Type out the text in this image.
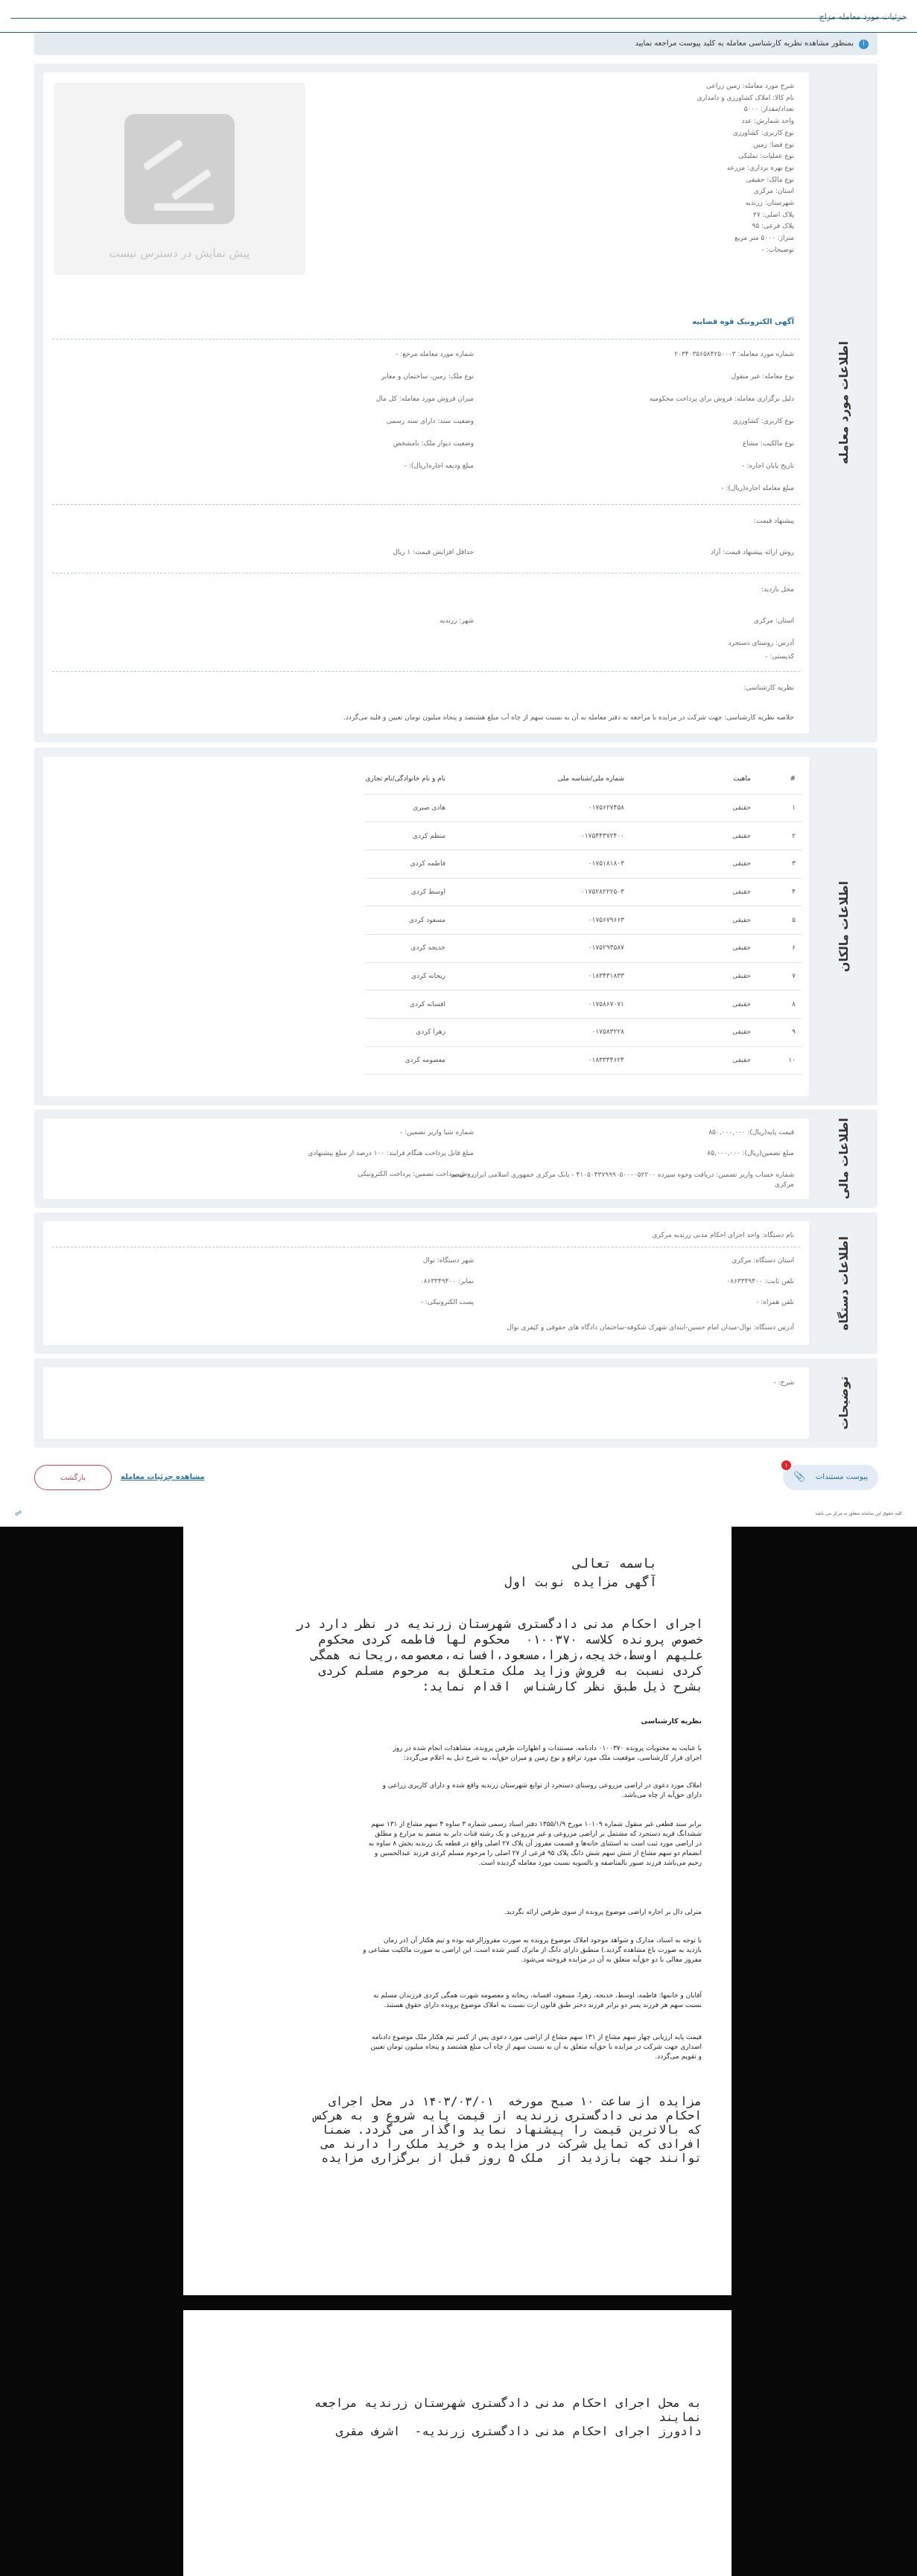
جزئیات مورد معامله مزاج
i
بمنظور مشاهده نظریه کارشناسی معامله به کلید پیوست مراجعه نمایید
اطلاعات مورد معامله
پیش نمایش در دسترس نیست
شرح مورد معامله: زمین زراعی
نام کالا: املاک کشاورزی و دامداری
تعداد/مقدار: ۵۰۰۰
واحد شمارش: عدد
نوع کاربری: کشاورزی
نوع فضا: زمین
نوع عملیات: تملیکی
نوع بهره برداری: مزرعه
نوع مالک: حقیقی
استان: مرکزی
شهرستان: زرندیه
پلاک اصلی: ۲۷
پلاک فرعی: ۹۵
متراژ: ۵۰۰۰ متر مربع
توضیحات: -
آگهی الکترونیک قوه قضاییه
شماره مورد معامله: ۲۰۳۴۰۳۵۶۵۸۴۲۵۰۰۰۳
شماره مورد معامله مرجع: -
نوع معامله: غیر منقول
نوع ملک: زمین، ساختمان و معابر
دلیل برگزاری معامله: فروش برای پرداخت محکومیه
میزان فروش مورد معامله: کل مال
نوع کاربری: کشاورزی
وضعیت سند: دارای سند رسمی
نوع مالکیت: مشاع
وضعیت دیوار ملک: نامشخص
تاریخ پایان اجاره: -
مبلغ ودیعه اجاره(ریال): -
مبلغ معامله اجاره(ریال): -
پیشنهاد قیمت:
روش ارائه پیشنهاد قیمت: آزاد
حداقل افزایش قیمت: ۱ ریال
محل بازدید:
استان: مرکزی
شهر: زرندیه
آدرس: روستای دستجرد
کدپستی: -
نظریه کارشناسی:
خلاصه نظریه کارشناسی: جهت شرکت در مزایده با مراجعه به دفتر معامله به آن به نسبت سهم از چاه آب مبلغ هشتصد و پنجاه میلیون تومان تعیین و قلیه می‌گردد.
اطلاعات مالکان
#	ماهیت	شماره ملی/شناسه ملی	نام و نام خانوادگی/نام تجاری
۱	حقیقی	۰۱۷۵۶۲۷۴۵۸	هادی صبری
۲	حقیقی	۰۱۷۵۴۴۳۷۲۴۰۰	منظم کردی
۳	حقیقی	۰۱۷۵۱۸۱۸۰۳	فاطمه کردی
۴	حقیقی	۰۱۷۵۲۸۲۲۲۵۰۳	اوسط کردی
۵	حقیقی	۰۱۷۵۶۷۹۶۶۳	مسعود کردی
۶	حقیقی	۰۱۷۵۲۹۳۵۸۷	خدیجه کردی
۷	حقیقی	۰۱۸۳۴۳۱۸۳۳	ریحانه کردی
۸	حقیقی	۰۱۷۵۸۶۷۰۷۱	افسانه کردی
۹	حقیقی	۰۱۷۵۸۳۲۲۸	زهرا کردی
۱۰	حقیقی	۰۱۸۳۳۴۴۶۲۴	معصومه کردی
اطلاعات مالی
قیمت پایه(ریال): ۸۵۰,۰۰۰,۰۰۰
شماره شبا واریز تضمین: -
مبلغ تضمین(ریال): ۸۵,۰۰۰,۰۰۰
مبلغ قابل پرداخت هنگام فرایند: ۱۰۰ درصد از مبلغ پیشنهادی
شماره حساب واریز تضمین: دریافت وجوه سپرده ۴۱۰۵۰۴۳۷۹۹۹۰۵۰۰۰۰۵۲۲۰۰ - بانک مرکزی جمهوری اسلامی ایران - شعبه مرکزی
روش پرداخت تضمین: پرداخت الکترونیکی
اطلاعات دستگاه
نام دستگاه: واحد اجرای احکام مدنی زرندیه مرکزی
استان دستگاه: مرکزی
شهر دستگاه: نوال
تلفن ثابت: ۰۸۶۳۳۴۹۴۰۰
نمابر: ۰۸۶۳۳۴۹۴۰۰
تلفن همراه: -
پست الکترونیکی: -
آدرس دستگاه: نوال-میدان امام حسین-ابتدای شهرک شکوفه-ساختمان دادگاه های حقوقی و کیفری نوال
توضیحات
شرح: -
۱
پیوست مستندات
📎
مشاهده جزئیات معامله
بازگشت
کلیه حقوق این سامانه متعلق به مرکز می باشد
☍
باسمه تعالی
آگهی مزایده نوبت اول
اجرای احکام مدنی دادگستری شهرستان زرندیه در نظر دارد در
خصوص پرونده کلاسه ۰۱۰۰۳۷۰  محکوم لها فاطمه کردی محکوم
علیهم اوسط،خدیجه،زهرا،مسعود،افسانه،معصومه،ریحانه همگی
کردی نسبت به فروش وزاید ملک متعلق به مرحوم مسلم کردی
بشرح ذیل طبق نظر کارشناس  اقدام نماید:
نظریه کارشناسی
با عنایت به محتویات پرونده ۰۱۰۰۳۷۰ دادنامه، مستندات و اظهارات طرفین پرونده، مشاهدات انجام شده در روز
اجرای قرار کارشناسی، موقعیت ملک مورد ترافع و نوع زمین و میزان حق‌آبه، به شرح ذیل به اعلام می‌گردد:
املاک مورد دعوی در اراضی مزروعی روستای دستجرد از توابع شهرستان زرندیه واقع شده و دارای کاربری زراعی و
دارای حق‌آبه از چاه می‌باشد.
برابر سند قطعی غیر منقول شماره ۱۰۱۰۹ مورخ ۱۳۵۵/۱/۹ دفتر اسناد رسمی شماره ۳ ساوه ۴ سهم مشاع از ۱۳۱ سهم
ششدانگ قریه دستجرد که مشتمل بر اراضی مزروعی و غیر مزروعی و یک رشته قنات دایر به منضم به مزارع و مطلق
در اراضی مورد ثبت است به استثنای خانه‌ها و قسمت مفروز آن پلاک ۲۷ اصلی واقع در قطعه یک زرندیه بخش ۸ ساوه به
انضمام دو سهم مشاع از شش سهم شش دانگ پلاک ۹۵ فرعی از ۲۷ اصلی را مرحوم مسلم کردی فرزند عبدالحسین و
رحیم می‌باشد فرزند صبور بالمناصفه و بالسویه نسبت مورد معامله گردیده است.
مترلی دال بر اجاره اراضی موضوع پرونده از سوی طرفین ارائه نگردید.
با توجه به اسناد، مدارک و شواهد موجود املاک موضوع پرونده به صورت مفروزالرعیه بوده و تیم هکتار آن (در زمان
بازدید به صورت باغ مشاهده گردید.) منطبق دارای دانگ از ماترک کسر شده است. این اراضی به صورت مالکیت مشاعی و
مفروز معالی با دو حق‌آبه متعلق به آن در مزایده فروخته می‌شود.
آقایان و خانمها: فاطمه، اوسط، خدیجه، زهرا، مسعود، افسانه، ریحانه و معصومه شهرت همگی کردی فرزندان مسلم به
نسبت سهم هر فرزند پسر دو برابر فرزند دختر طبق قانون ارث نسبت به املاک موضوع پرونده دارای حقوق هستند.
قیمت پایه ارزیابی چهار سهم مشاع از ۱۳۱ سهم مشاع از اراضی مورد دعوی پس از کسر تیم هکتار ملک موضوع دادنامه
اصداری جهت شرکت در مزایده با حق‌آبه متعلق به آن به نسبت سهم از چاه آب مبلغ هشتصد و پنجاه میلیون تومان تعیین
و تقویم می‌گردد.
مزایده از ساعت ۱۰ صبح مورخه  ۱۴۰۳/۰۳/۰۱ در محل اجرای
احکام مدنی دادگستری زرندیه از قیمت پایه شروع و به هرکس
که بالاترین قیمت را پیشنهاد نماید واگذار می گردد. ضمنا
افرادی که تمایل شرکت در مزایده و خرید ملک را دارند می
توانند جهت بازدید از  ملک ۵ روز قبل از برگزاری مزایده
به محل اجرای احکام مدنی دادگستری شهرستان زرندیه مراجعه
نمایند
دادورز اجرای احکام مدنی دادگستری زرندیه-  اشرف مقری
